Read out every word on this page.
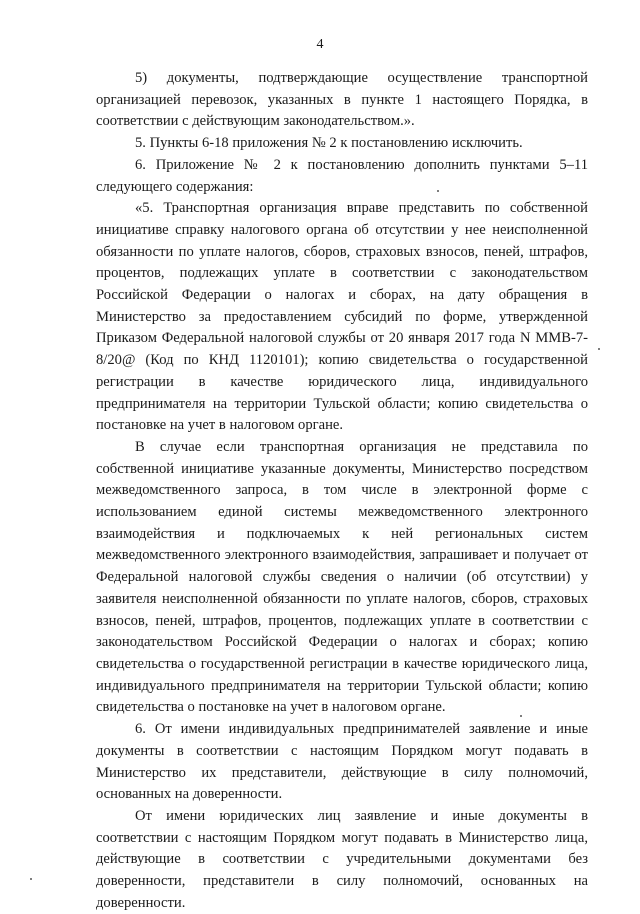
4

5) документы, подтверждающие осуществление транспортной организацией перевозок, указанных в пункте 1 настоящего Порядка, в соответствии с действующим законодательством.».

5. Пункты 6-18 приложения № 2 к постановлению исключить.

6. Приложение № 2 к постановлению дополнить пунктами 5–11 следующего содержания:

«5. Транспортная организация вправе представить по собственной инициативе справку налогового органа об отсутствии у нее неисполненной обязанности по уплате налогов, сборов, страховых взносов, пеней, штрафов, процентов, подлежащих уплате в соответствии с законодательством Российской Федерации о налогах и сборах, на дату обращения в Министерство за предоставлением субсидий по форме, утвержденной Приказом Федеральной налоговой службы от 20 января 2017 года N ММВ-7-8/20@ (Код по КНД 1120101); копию свидетельства о государственной регистрации в качестве юридического лица, индивидуального предпринимателя на территории Тульской области; копию свидетельства о постановке на учет в налоговом органе.

В случае если транспортная организация не представила по собственной инициативе указанные документы, Министерство посредством межведомственного запроса, в том числе в электронной форме с использованием единой системы межведомственного электронного взаимодействия и подключаемых к ней региональных систем межведомственного электронного взаимодействия, запрашивает и получает от Федеральной налоговой службы сведения о наличии (об отсутствии) у заявителя неисполненной обязанности по уплате налогов, сборов, страховых взносов, пеней, штрафов, процентов, подлежащих уплате в соответствии с законодательством Российской Федерации о налогах и сборах; копию свидетельства о государственной регистрации в качестве юридического лица, индивидуального предпринимателя на территории Тульской области; копию свидетельства о постановке на учет в налоговом органе.

6. От имени индивидуальных предпринимателей заявление и иные документы в соответствии с настоящим Порядком могут подавать в Министерство их представители, действующие в силу полномочий, основанных на доверенности.

От имени юридических лиц заявление и иные документы в соответствии с настоящим Порядком могут подавать в Министерство лица, действующие в соответствии с учредительными документами без доверенности, представители в силу полномочий, основанных на доверенности.
